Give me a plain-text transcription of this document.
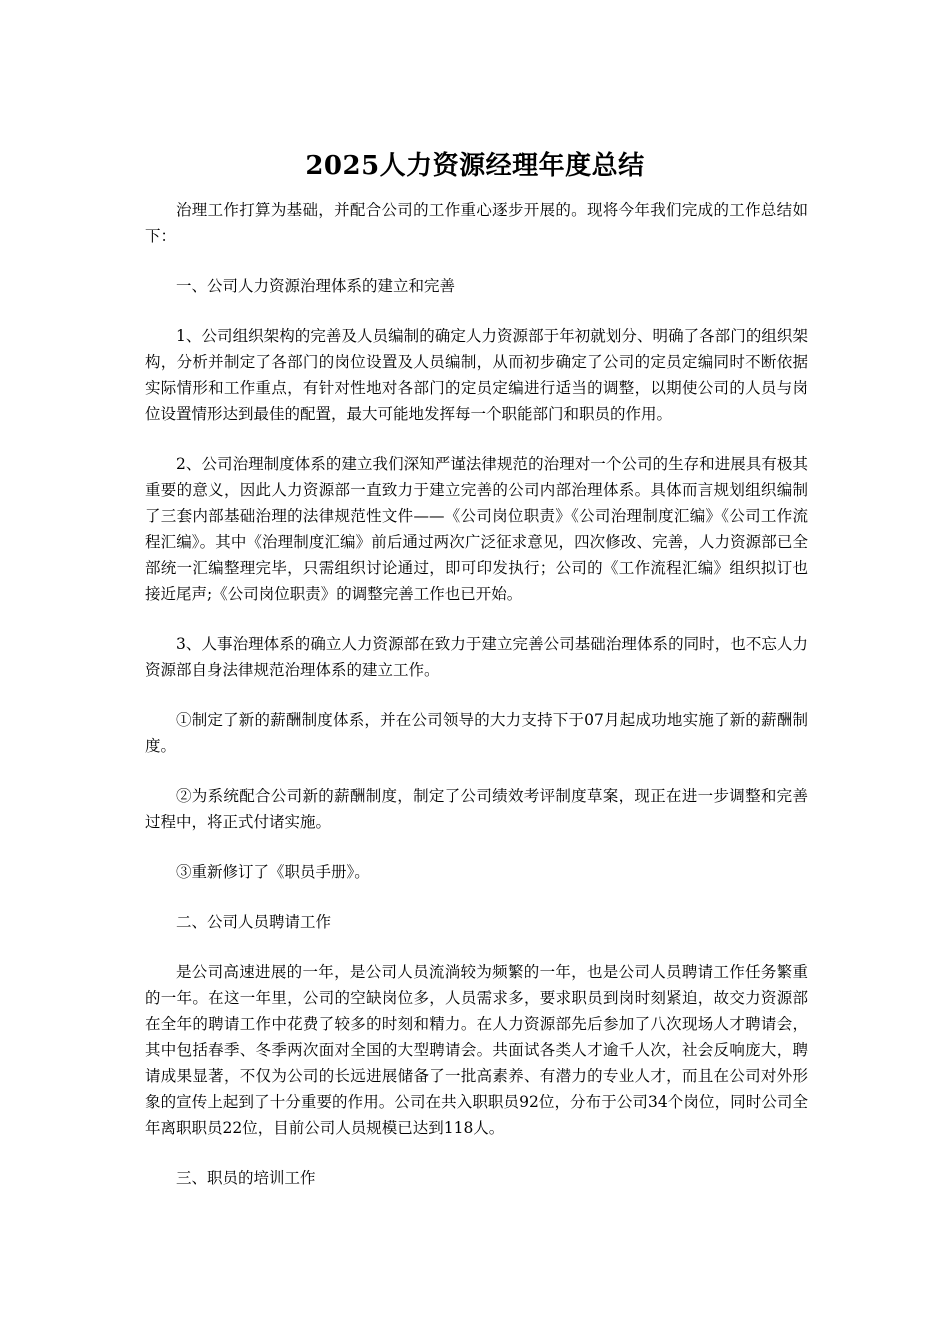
2025人力资源经理年度总结

治理工作打算为基础，并配合公司的工作重心逐步开展的。现将今年我们完成的工作总结如下：

一、公司人力资源治理体系的建立和完善

1、公司组织架构的完善及人员编制的确定人力资源部于年初就划分、明确了各部门的组织架构，分析并制定了各部门的岗位设置及人员编制，从而初步确定了公司的定员定编同时不断依据实际情形和工作重点，有针对性地对各部门的定员定编进行适当的调整，以期使公司的人员与岗位设置情形达到最佳的配置，最大可能地发挥每一个职能部门和职员的作用。

2、公司治理制度体系的建立我们深知严谨法律规范的治理对一个公司的生存和进展具有极其重要的意义，因此人力资源部一直致力于建立完善的公司内部治理体系。具体而言规划组织编制了三套内部基础治理的法律规范性文件——《公司岗位职责》《公司治理制度汇编》《公司工作流程汇编》。其中《治理制度汇编》前后通过两次广泛征求意见，四次修改、完善，人力资源部已全部统一汇编整理完毕，只需组织讨论通过，即可印发执行；公司的《工作流程汇编》组织拟订也接近尾声;《公司岗位职责》的调整完善工作也已开始。

3、人事治理体系的确立人力资源部在致力于建立完善公司基础治理体系的同时，也不忘人力资源部自身法律规范治理体系的建立工作。

①制定了新的薪酬制度体系，并在公司领导的大力支持下于07月起成功地实施了新的薪酬制度。

②为系统配合公司新的薪酬制度，制定了公司绩效考评制度草案，现正在进一步调整和完善过程中，将正式付诸实施。

③重新修订了《职员手册》。

二、公司人员聘请工作

是公司高速进展的一年，是公司人员流淌较为频繁的一年，也是公司人员聘请工作任务繁重的一年。在这一年里，公司的空缺岗位多，人员需求多，要求职员到岗时刻紧迫，故交力资源部在全年的聘请工作中花费了较多的时刻和精力。在人力资源部先后参加了八次现场人才聘请会，其中包括春季、冬季两次面对全国的大型聘请会。共面试各类人才逾千人次，社会反响庞大，聘请成果显著，不仅为公司的长远进展储备了一批高素养、有潜力的专业人才，而且在公司对外形象的宣传上起到了十分重要的作用。公司在共入职职员92位，分布于公司34个岗位，同时公司全年离职职员22位，目前公司人员规模已达到118人。

三、职员的培训工作
